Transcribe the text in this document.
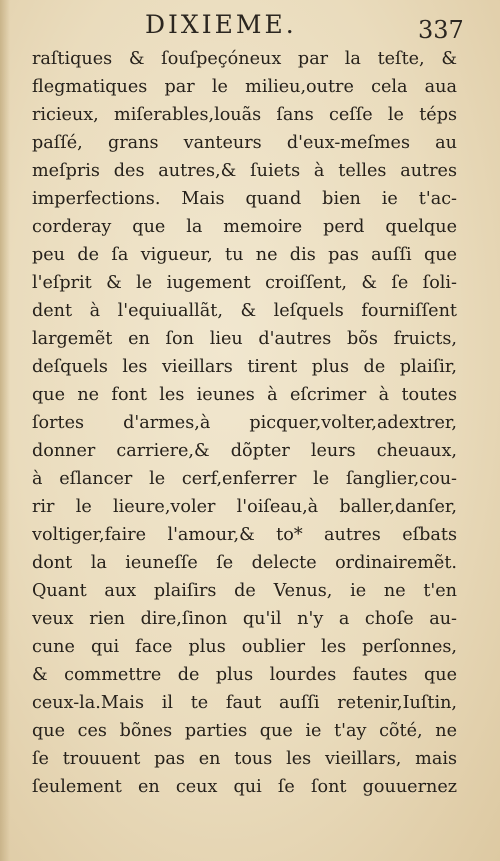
DIXIEME.	337
raſtiques & ſouſpeçóneux par la teſte, &
flegmatiques par le milieu,outre cela aua
ricieux, miſerables,louãs ſans ceſſe le téps
paſſé, grans vanteurs d'eux-meſmes au
meſpris des autres,& ſuiets à telles autres
imperfections. Mais quand bien ie t'ac-
corderay que la memoire perd quelque
peu de ſa vigueur, tu ne dis pas auſſi que
l'eſprit & le iugement croiſſent, & ſe ſoli-
dent à l'equiuallãt, & leſquels fourniſſent
largemẽt en ſon lieu d'autres bõs fruicts,
deſquels les vieillars tirent plus de plaiſir,
que ne font les ieunes à eſcrimer à toutes
ſortes d'armes,à picquer,volter,adextrer,
donner carriere,& dõpter leurs cheuaux,
à eſlancer le cerf,enferrer le ſanglier,cou-
rir le lieure,voler l'oiſeau,à baller,danſer,
voltiger,faire l'amour,& to* autres eſbats
dont la ieuneſſe ſe delecte ordinairemẽt.
Quant aux plaiſirs de Venus, ie ne t'en
veux rien dire,ſinon qu'il n'y a choſe au-
cune qui face plus oublier les perſonnes,
& commettre de plus lourdes fautes que
ceux-la.Mais il te faut auſſi retenir,Iuſtin,
que ces bõnes parties que ie t'ay cõté, ne
ſe trouuent pas en tous les vieillars, mais
ſeulement en ceux qui ſe ſont gouuernez
